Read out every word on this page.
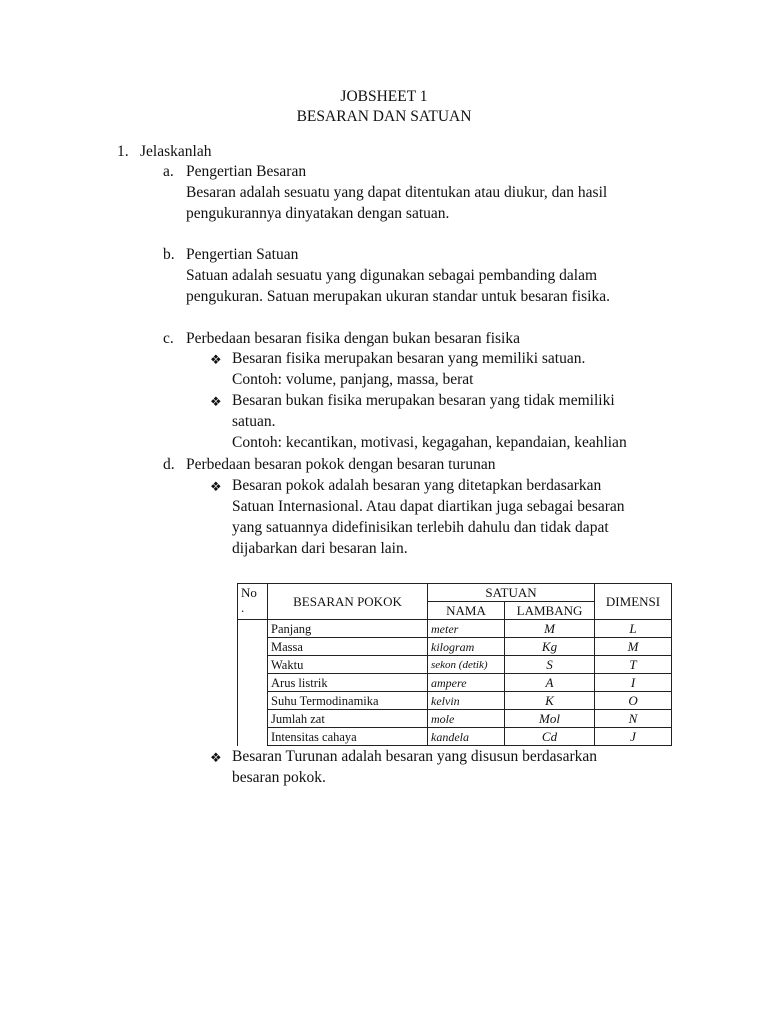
JOBSHEET 1
BESARAN DAN SATUAN
1. Jelaskanlah
a. Pengertian Besaran
Besaran adalah sesuatu yang dapat ditentukan atau diukur, dan hasil
pengukurannya dinyatakan dengan satuan.
b. Pengertian Satuan
Satuan adalah sesuatu yang digunakan sebagai pembanding dalam
pengukuran. Satuan merupakan ukuran standar untuk besaran fisika.
c. Perbedaan besaran fisika dengan bukan besaran fisika
❖ Besaran fisika merupakan besaran yang memiliki satuan.
Contoh: volume, panjang, massa, berat
❖ Besaran bukan fisika merupakan besaran yang tidak memiliki
satuan.
Contoh: kecantikan, motivasi, kegagahan, kepandaian, keahlian
d. Perbedaan besaran pokok dengan besaran turunan
❖ Besaran pokok adalah besaran yang ditetapkan berdasarkan
Satuan Internasional. Atau dapat diartikan juga sebagai besaran
yang satuannya didefinisikan terlebih dahulu dan tidak dapat
dijabarkan dari besaran lain.
No
.	BESARAN POKOK	SATUAN		DIMENSI
		NAMA	LAMBANG	
	Panjang	meter	M	L
	Massa	kilogram	Kg	M
	Waktu	sekon (detik)	S	T
	Arus listrik	ampere	A	I
	Suhu Termodinamika	kelvin	K	O
	Jumlah zat	mole	Mol	N
	Intensitas cahaya	kandela	Cd	J
❖ Besaran Turunan adalah besaran yang disusun berdasarkan
besaran pokok.
